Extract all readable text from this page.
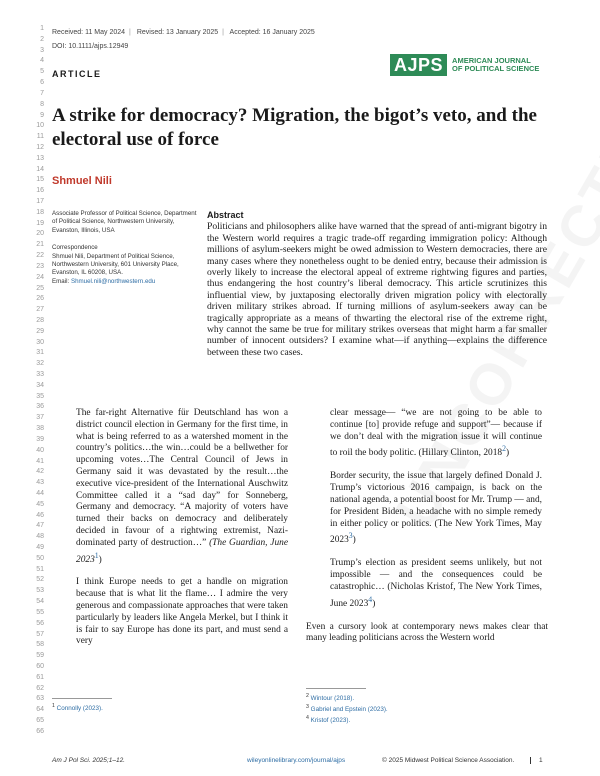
1
2
3
4
5
6
7
8
9
10
11
12
13
14
15
16
17
18
19
20
21
22
23
24
25
26
27
28
29
30
31
32
33
34
35
36
37
38
39
40
41
42
43
44
45
46
47
48
49
50
51
52
53
54
55
56
57
58
59
60
61
62
63
64
65
66
Received: 11 May 2024 | Revised: 13 January 2025 | Accepted: 16 January 2025
DOI: 10.1111/ajps.12949
AJPS	AMERICAN JOURNAL
OF POLITICAL SCIENCE
ARTICLE
A strike for democracy? Migration, the bigot’s veto, and the electoral use of force
Shmuel Nili

Associate Professor of Political Science, Department of Political Science, Northwestern University, Evanston, Illinois, USA

Correspondence
Shmuel Nili, Department of Political Science, Northwestern University, 601 University Place, Evanston, IL 60208, USA.
Email: Shmuel.nili@northwestern.edu

Abstract

Politicians and philosophers alike have warned that the spread of anti-migrant bigotry in the Western world requires a tragic trade-off regarding immigration policy: Although millions of asylum-seekers might be owed admission to Western democracies, there are many cases where they nonetheless ought to be denied entry, because their admission is overly likely to increase the electoral appeal of extreme rightwing figures and parties, thus endangering the host country’s liberal democracy. This article scrutinizes this influential view, by juxtaposing electorally driven migration policy with electorally driven military strikes abroad. If turning millions of asylum-seekers away can be tragically appropriate as a means of thwarting the electoral rise of the extreme right, why cannot the same be true for military strikes overseas that might harm a far smaller number of innocent outsiders? I examine what—if anything—explains the difference between these two cases.

The far-right Alternative für Deutschland has won a district council election in Germany for the first time, in what is being referred to as a watershed moment in the country’s politics…the win…could be a bellwether for upcoming votes…The Central Council of Jews in Germany said it was devastated by the result…the executive vice-president of the International Auschwitz Committee called it a “sad day” for Sonneberg, Germany and democracy. “A majority of voters have turned their backs on democracy and deliberately decided in favour of a rightwing extremist, Nazi-dominated party of destruction…” (The Guardian, June 2023$^1$)

I think Europe needs to get a handle on migration because that is what lit the flame… I admire the very generous and compassionate approaches that were taken particularly by leaders like Angela Merkel, but I think it is fair to say Europe has done its part, and must send a very

clear message— “we are not going to be able to continue [to] provide refuge and support”— because if we don’t deal with the migration issue it will continue to roil the body politic. (Hillary Clinton, 2018$^2$)

Border security, the issue that largely defined Donald J. Trump’s victorious 2016 campaign, is back on the national agenda, a potential boost for Mr. Trump — and, for President Biden, a headache with no simple remedy in either policy or politics. (The New York Times, May 2023$^3$)

Trump’s election as president seems unlikely, but not impossible — and the consequences could be catastrophic… (Nicholas Kristof, The New York Times, June 2023$^4$)

Even a cursory look at contemporary news makes clear that many leading politicians across the Western world

$^1$ Connolly (2023).
$^2$ Wintour (2018).
$^3$ Gabriel and Epstein (2023).
$^4$ Kristof (2023).
Am J Pol Sci. 2025;1–12.	wileyonlinelibrary.com/journal/ajps	© 2025 Midwest Political Science Association.	1
